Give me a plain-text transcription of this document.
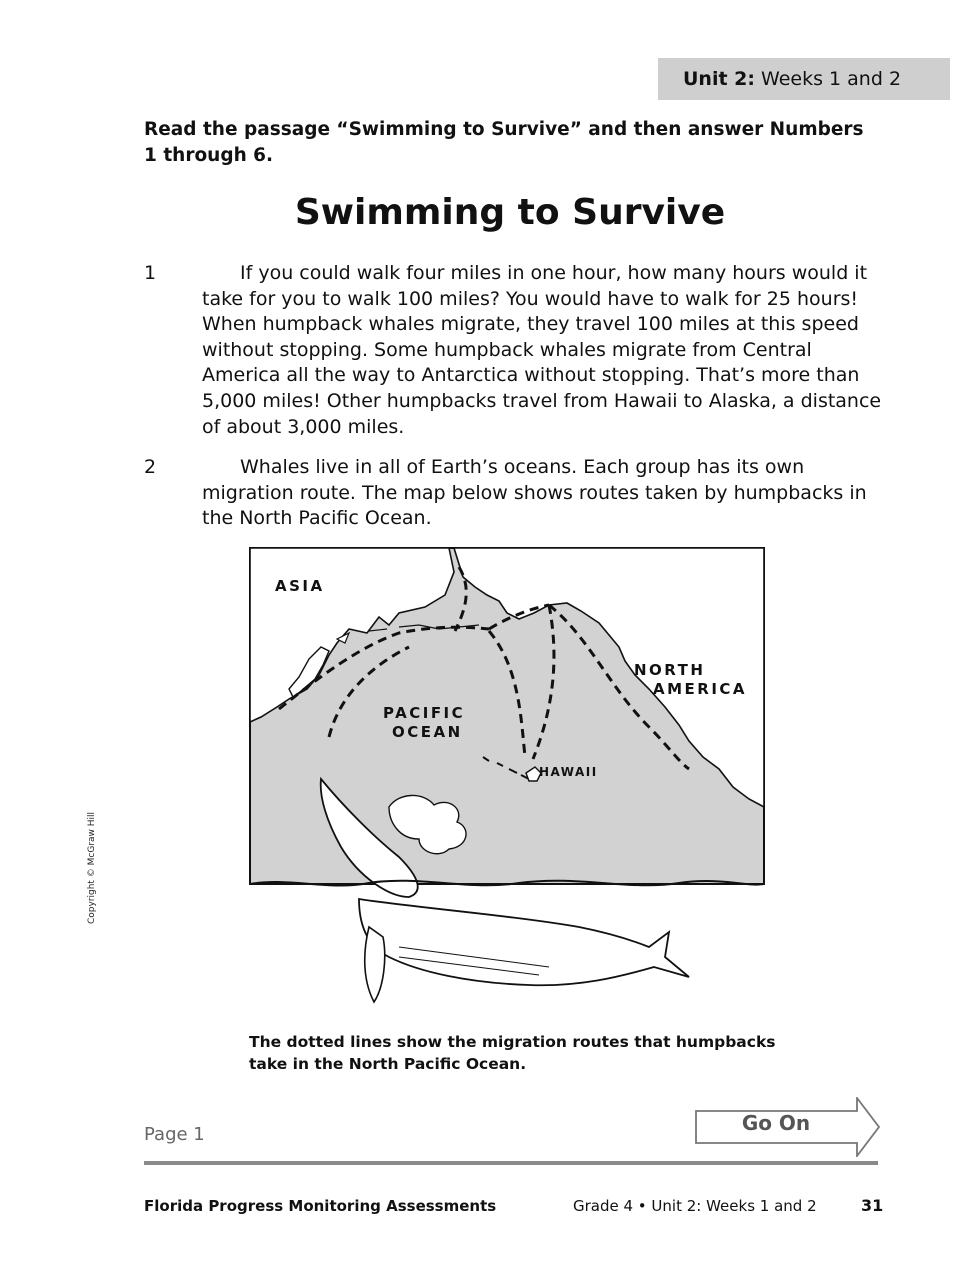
Unit 2: Weeks 1 and 2
Read the passage “Swimming to Survive” and then answer Numbers 1 through 6.
Swimming to Survive
1	If you could walk four miles in one hour, how many hours would it take for you to walk 100 miles? You would have to walk for 25 hours! When humpback whales migrate, they travel 100 miles at this speed without stopping. Some humpback whales migrate from Central America all the way to Antarctica without stopping. That’s more than 5,000 miles! Other humpbacks travel from Hawaii to Alaska, a distance of about 3,000 miles.
2	Whales live in all of Earth’s oceans. Each group has its own migration route. The map below shows routes taken by humpbacks in the North Pacific Ocean.
ASIA
PACIFIC
OCEAN
NORTH
AMERICA
HAWAII
The dotted lines show the migration routes that humpbacks take in the North Pacific Ocean.
Page 1	Go On
Florida Progress Monitoring Assessments	Grade 4 • Unit 2: Weeks 1 and 2	31
Copyright © McGraw Hill
